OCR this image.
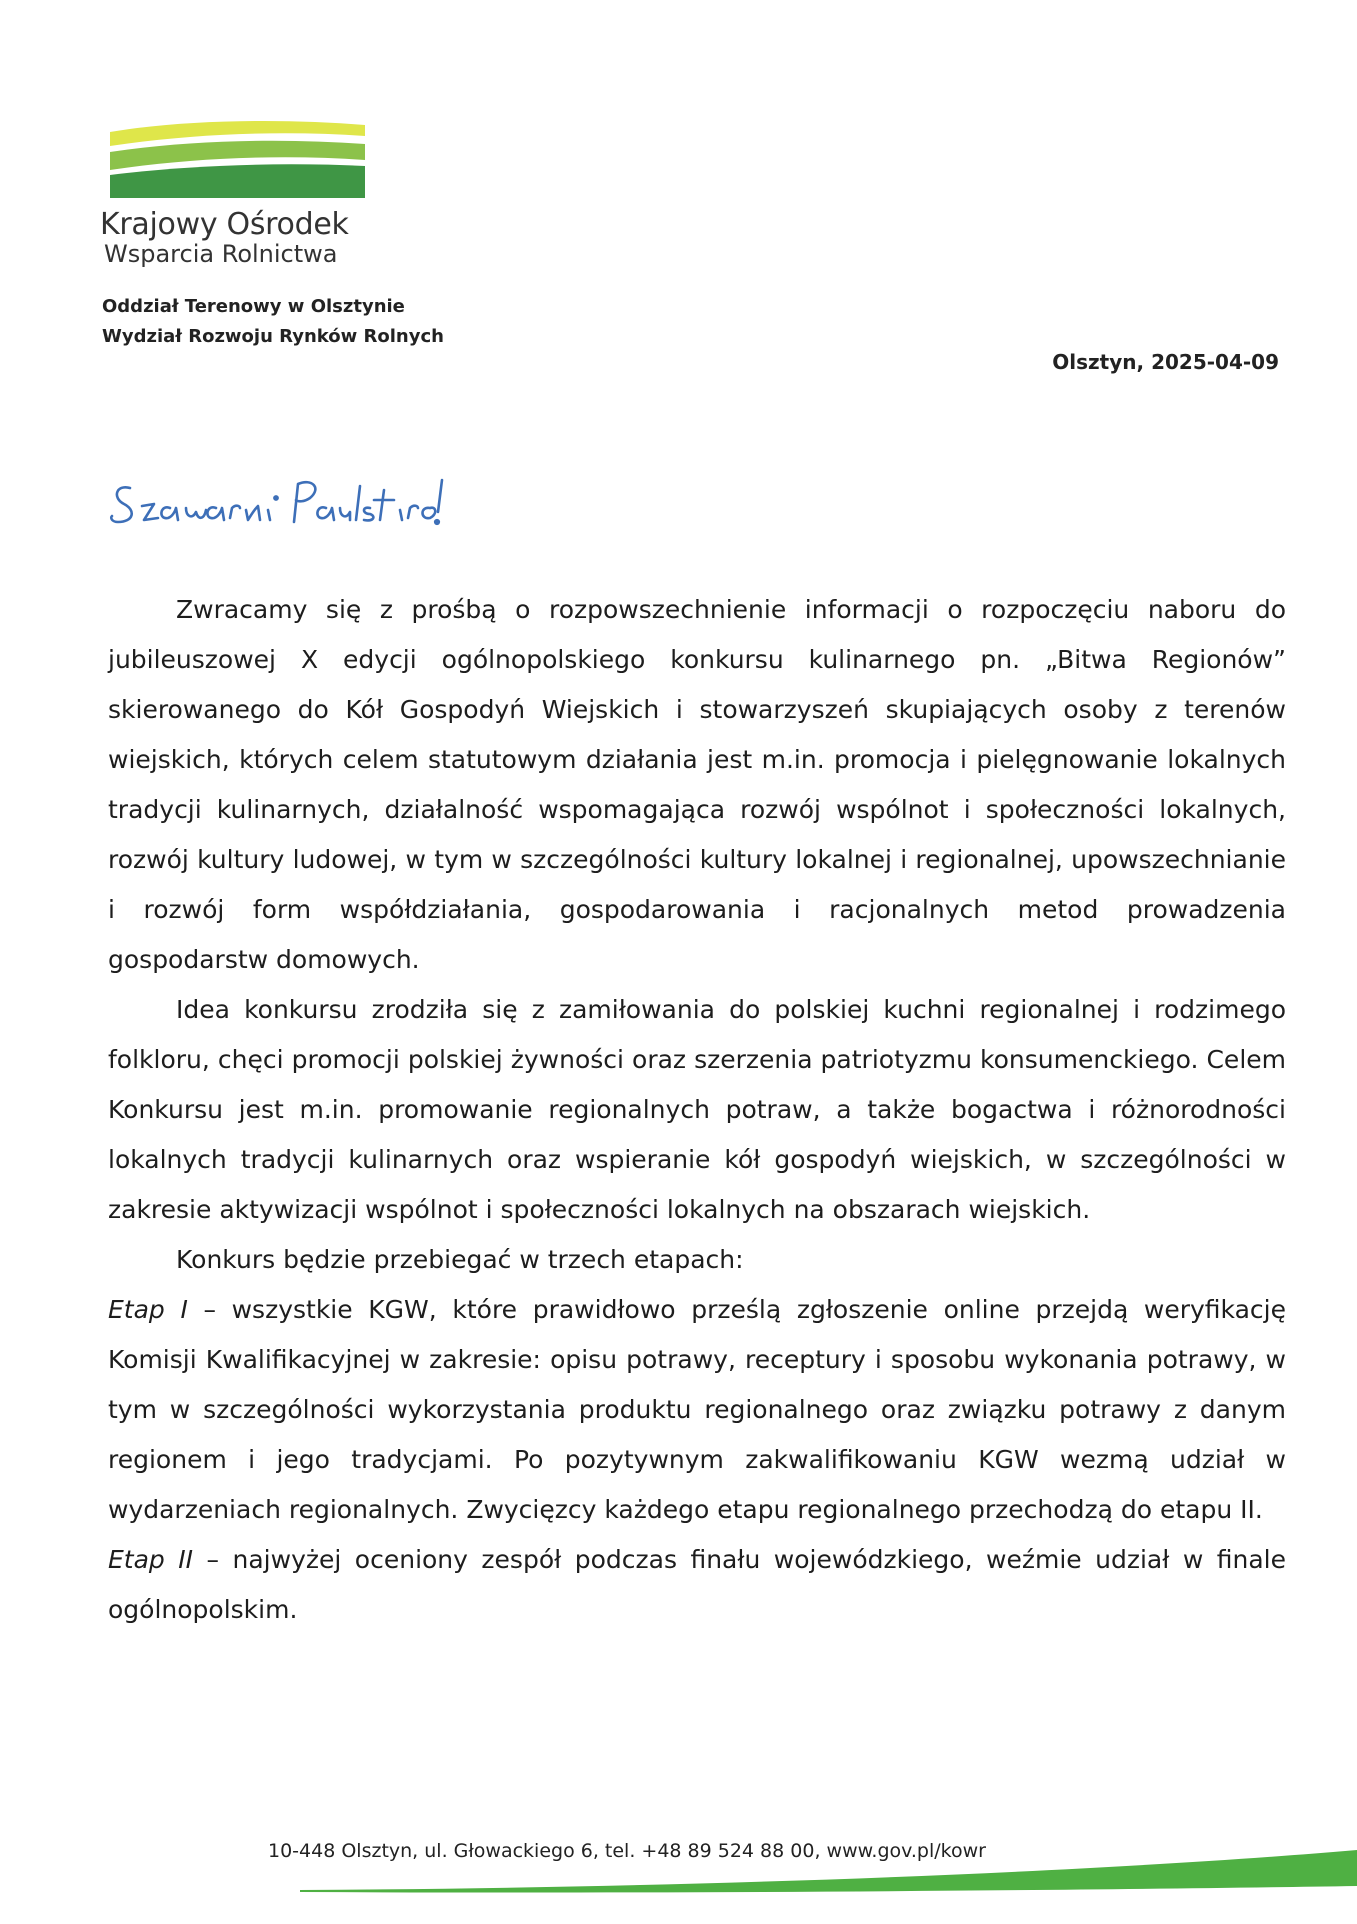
Krajowy Ośrodek
Wsparcia Rolnictwa
Oddział Terenowy w Olsztynie
Wydział Rozwoju Rynków Rolnych
Olsztyn, 2025-04-09

Zwracamy się z prośbą o rozpowszechnienie informacji o rozpoczęciu naboru do jubileuszowej X edycji ogólnopolskiego konkursu kulinarnego pn. „Bitwa Regionów” skierowanego do Kół Gospodyń Wiejskich i stowarzyszeń skupiających osoby z terenów wiejskich, których celem statutowym działania jest m.in. promocja i pielęgnowanie lokalnych tradycji kulinarnych, działalność wspomagająca rozwój wspólnot i społeczności lokalnych, rozwój kultury ludowej, w tym w szczególności kultury lokalnej i regionalnej, upowszechnianie i rozwój form współdziałania, gospodarowania i racjonalnych metod prowadzenia gospodarstw domowych.

Idea konkursu zrodziła się z zamiłowania do polskiej kuchni regionalnej i rodzimego folkloru, chęci promocji polskiej żywności oraz szerzenia patriotyzmu konsumenckiego. Celem Konkursu jest m.in. promowanie regionalnych potraw, a także bogactwa i różnorodności lokalnych tradycji kulinarnych oraz wspieranie kół gospodyń wiejskich, w szczególności w zakresie aktywizacji wspólnot i społeczności lokalnych na obszarach wiejskich.

Konkurs będzie przebiegać w trzech etapach:

Etap I – wszystkie KGW, które prawidłowo prześlą zgłoszenie online przejdą weryfikację Komisji Kwalifikacyjnej w zakresie: opisu potrawy, receptury i sposobu wykonania potrawy, w tym w szczególności wykorzystania produktu regionalnego oraz związku potrawy z danym regionem i jego tradycjami. Po pozytywnym zakwalifikowaniu KGW wezmą udział w wydarzeniach regionalnych. Zwycięzcy każdego etapu regionalnego przechodzą do etapu II.

Etap II – najwyżej oceniony zespół podczas finału wojewódzkiego, weźmie udział w finale ogólnopolskim.

10-448 Olsztyn, ul. Głowackiego 6, tel. +48 89 524 88 00, www.gov.pl/kowr
